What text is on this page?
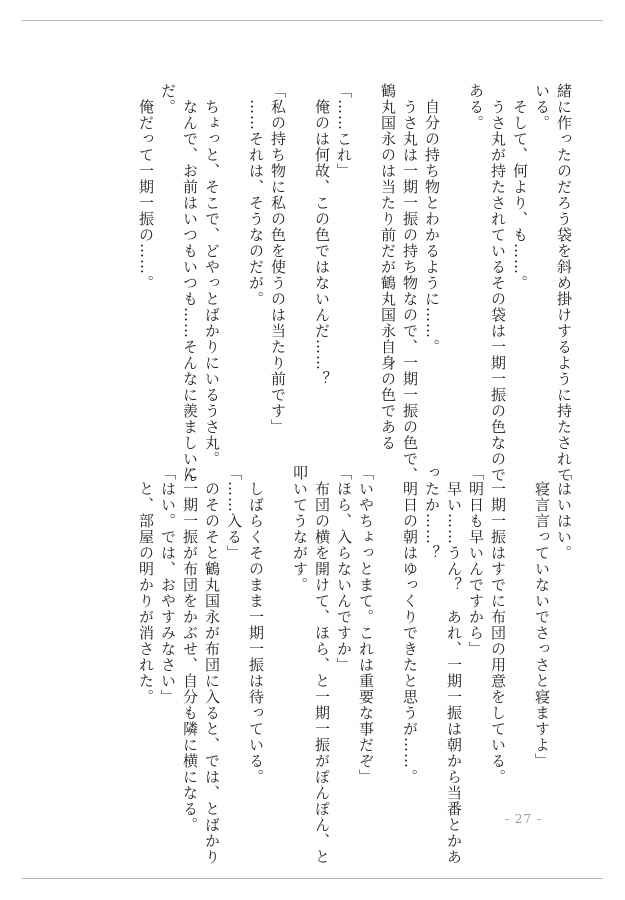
緒に作ったのだろう袋を斜め掛けするように持たされて
いる。
　そして、何より、も……。
　うさ丸が持たされているその袋は一期一振の色なので
ある。

　自分の持ち物とわかるように……。
　うさ丸は一期一振の持ち物なので、一期一振の色で、
鶴丸国永のは当たり前だが鶴丸国永自身の色である

「……これ」
　俺のは何故、この色ではないんだ……？

「私の持ち物に私の色を使うのは当たり前です」
　……それは、そうなのだが。

　ちょっと、そこで、どやっとばかりにいるうさ丸。
　なんで、お前はいつもいつも……そんなに羨ましいん
だ。
　俺だって一期一振の……。
「はいはい。
　寝言言っていないでさっさと寝ますよ」

　一期一振はすでに布団の用意をしている。
「明日も早いんですから」
　早い……うん？　あれ、一期一振は朝から当番とかあ
ったか……？
　明日の朝はゆっくりできたと思うが……。

「いやちょっとまて。これは重要な事だぞ」
「ほら、入らないんですか」
　布団の横を開けて、ほら、と一期一振がぽんぽん、と
叩いてうながす。

　しばらくそのまま一期一振は待っている。
「……入る」
　のそのそと鶴丸国永が布団に入ると、では、とばかり
に一期一振が布団をかぶせ、自分も隣に横になる。
「はい。では、おやすみなさい」
　と、部屋の明かりが消された。
- 27 -
